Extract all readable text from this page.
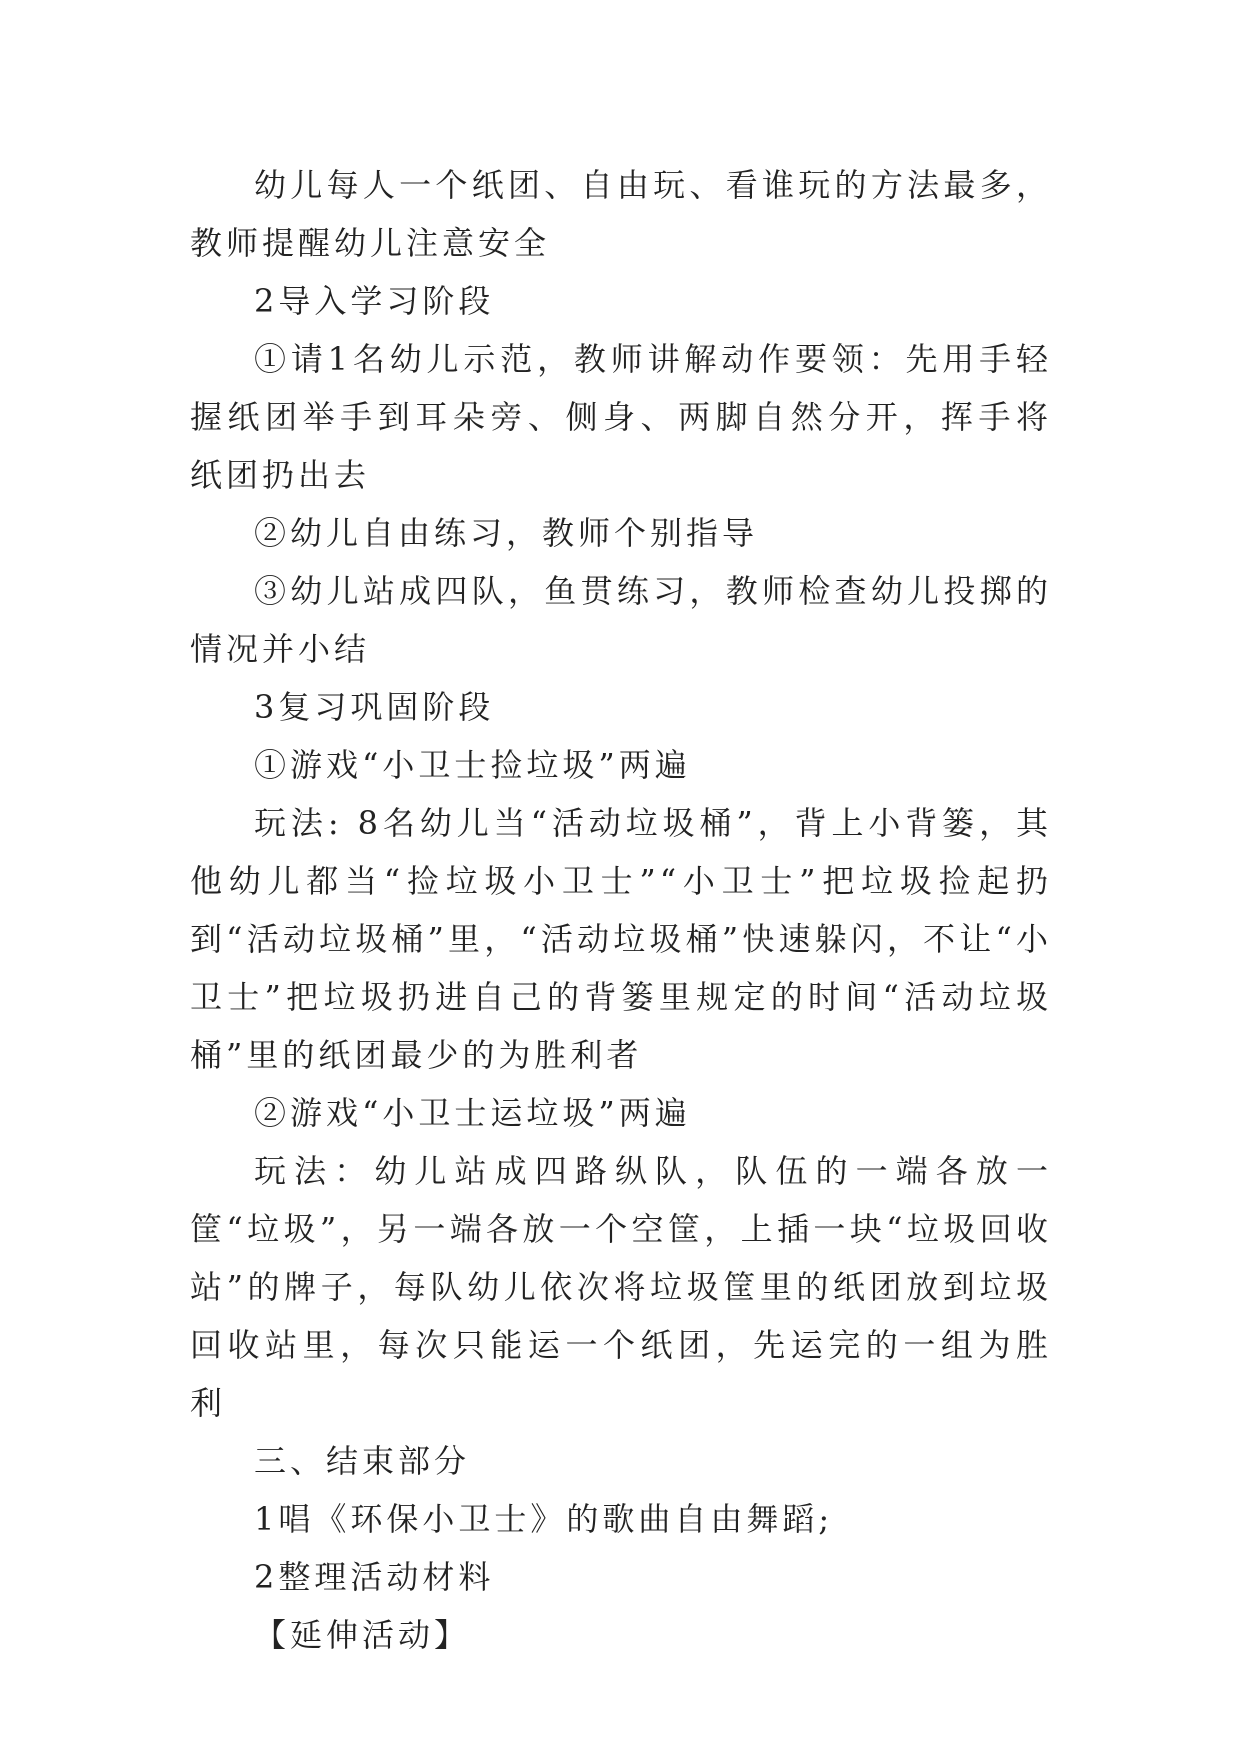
幼儿每人一个纸团、自由玩、看谁玩的方法最多，教师提醒幼儿注意安全

2导入学习阶段

①请1名幼儿示范，教师讲解动作要领：先用手轻握纸团举手到耳朵旁、侧身、两脚自然分开，挥手将纸团扔出去

②幼儿自由练习，教师个别指导

③幼儿站成四队，鱼贯练习，教师检查幼儿投掷的情况并小结

3复习巩固阶段

①游戏“小卫士捡垃圾”两遍

玩法: 8名幼儿当“活动垃圾桶”，背上小背篓，其他幼儿都当“捡垃圾小卫士”“小卫士”把垃圾捡起扔到“活动垃圾桶”里，“活动垃圾桶”快速躲闪，不让“小卫士”把垃圾扔进自己的背篓里规定的时间“活动垃圾桶”里的纸团最少的为胜利者

②游戏“小卫士运垃圾”两遍

玩法：幼儿站成四路纵队，队伍的一端各放一筐“垃圾”，另一端各放一个空筐，上插一块“垃圾回收站”的牌子，每队幼儿依次将垃圾筐里的纸团放到垃圾回收站里，每次只能运一个纸团，先运完的一组为胜利

三、结束部分

1唱《环保小卫士》的歌曲自由舞蹈;

2整理活动材料

【延伸活动】
